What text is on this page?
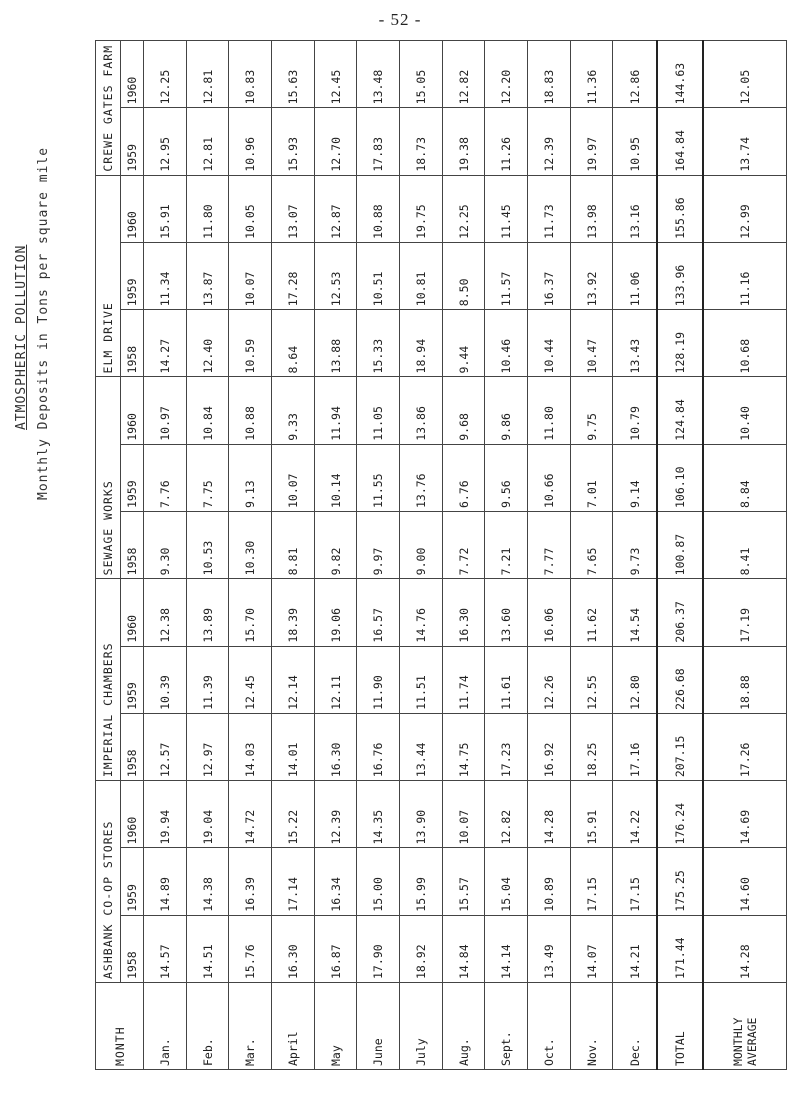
- 52 -
ATMOSPHERIC POLLUTION Monthly Deposits in Tons per square mile
MONTH	ASHBANK CO-OP STORES			IMPERIAL CHAMBERS			SEWAGE WORKS			ELM DRIVE			CREWE GATES FARM	
	1958	1959	1960	1958	1959	1960	1958	1959	1960	1958	1959	1960	1959	1960
Jan.	14.57	14.89	19.94	12.57	10.39	12.38	9.30	7.76	10.97	14.27	11.34	15.91	12.95	12.25
Feb.	14.51	14.38	19.04	12.97	11.39	13.89	10.53	7.75	10.84	12.40	13.87	11.80	12.81	12.81
Mar.	15.76	16.39	14.72	14.03	12.45	15.70	10.30	9.13	10.88	10.59	10.07	10.05	10.96	10.83
April	16.30	17.14	15.22	14.01	12.14	18.39	8.81	10.07	9.33	8.64	17.28	13.07	15.93	15.63
May	16.87	16.34	12.39	16.30	12.11	19.06	9.82	10.14	11.94	13.88	12.53	12.87	12.70	12.45
June	17.90	15.00	14.35	16.76	11.90	16.57	9.97	11.55	11.05	15.33	10.51	10.88	17.83	13.48
July	18.92	15.99	13.90	13.44	11.51	14.76	9.00	13.76	13.86	18.94	10.81	19.75	18.73	15.05
Aug.	14.84	15.57	10.07	14.75	11.74	16.30	7.72	6.76	9.68	9.44	8.50	12.25	19.38	12.82
Sept.	14.14	15.04	12.82	17.23	11.61	13.60	7.21	9.56	9.86	10.46	11.57	11.45	11.26	12.20
Oct.	13.49	10.89	14.28	16.92	12.26	16.06	7.77	10.66	11.80	10.44	16.37	11.73	12.39	18.83
Nov.	14.07	17.15	15.91	18.25	12.55	11.62	7.65	7.01	9.75	10.47	13.92	13.98	19.97	11.36
Dec.	14.21	17.15	14.22	17.16	12.80	14.54	9.73	9.14	10.79	13.43	11.06	13.16	10.95	12.86
TOTAL	171.44	175.25	176.24	207.15	226.68	206.37	100.87	106.10	124.84	128.19	133.96	155.86	164.84	144.63
MONTHLY AVERAGE	14.28	14.60	14.69	17.26	18.88	17.19	8.41	8.84	10.40	10.68	11.16	12.99	13.74	12.05
